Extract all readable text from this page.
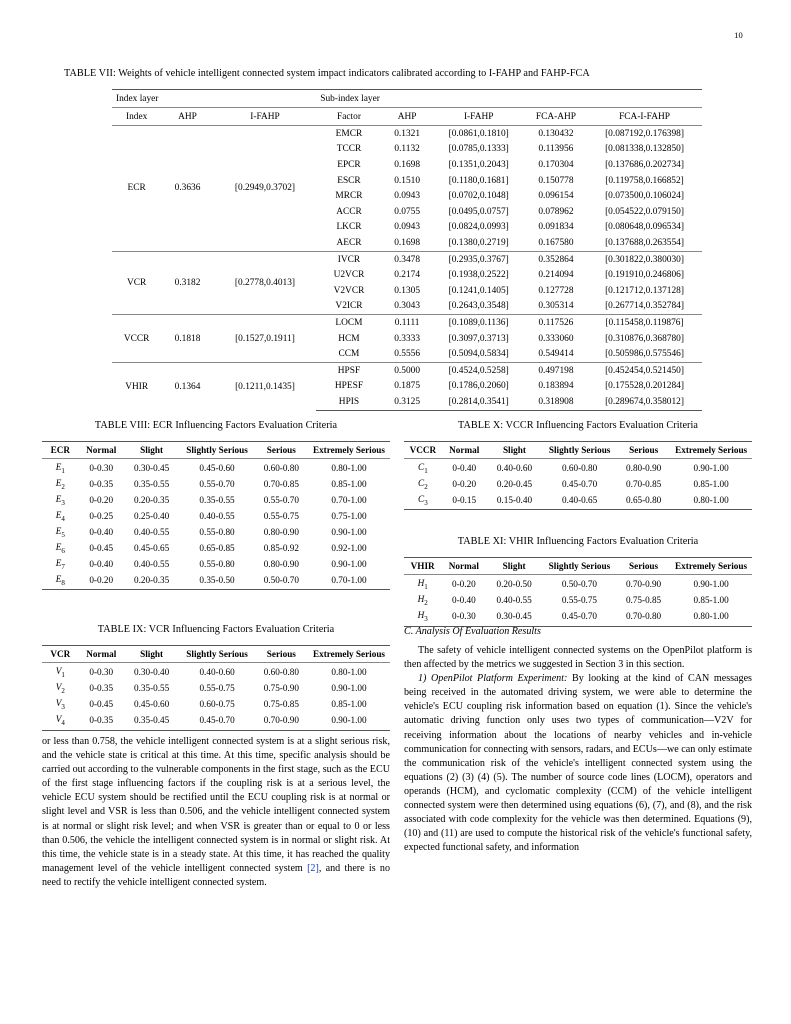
10
TABLE VII: Weights of vehicle intelligent connected system impact indicators calibrated according to I-FAHP and FAHP-FCA
Index layer			Sub-index layer				
Index	AHP	I-FAHP	Factor	AHP	I-FAHP	FCA-AHP	FCA-I-FAHP
ECR	0.3636	[0.2949,0.3702]	EMCR	0.1321	[0.0861,0.1810]	0.130432	[0.087192,0.176398]
			TCCR	0.1132	[0.0785,0.1333]	0.113956	[0.081338,0.132850]
			EPCR	0.1698	[0.1351,0.2043]	0.170304	[0.137686,0.202734]
			ESCR	0.1510	[0.1180,0.1681]	0.150778	[0.119758,0.166852]
			MRCR	0.0943	[0.0702,0.1048]	0.096154	[0.073500,0.106024]
			ACCR	0.0755	[0.0495,0.0757]	0.078962	[0.054522,0.079150]
			LKCR	0.0943	[0.0824,0.0993]	0.091834	[0.080648,0.096534]
			AECR	0.1698	[0.1380,0.2719]	0.167580	[0.137688,0.263554]
VCR	0.3182	[0.2778,0.4013]	IVCR	0.3478	[0.2935,0.3767]	0.352864	[0.301822,0.380030]
			U2VCR	0.2174	[0.1938,0.2522]	0.214094	[0.191910,0.246806]
			V2VCR	0.1305	[0.1241,0.1405]	0.127728	[0.121712,0.137128]
			V2ICR	0.3043	[0.2643,0.3548]	0.305314	[0.267714,0.352784]
VCCR	0.1818	[0.1527,0.1911]	LOCM	0.1111	[0.1089,0.1136]	0.117526	[0.115458,0.119876]
			HCM	0.3333	[0.3097,0.3713]	0.333060	[0.310876,0.368780]
			CCM	0.5556	[0.5094,0.5834]	0.549414	[0.505986,0.575546]
VHIR	0.1364	[0.1211,0.1435]	HPSF	0.5000	[0.4524,0.5258]	0.497198	[0.452454,0.521450]
			HPESF	0.1875	[0.1786,0.2060]	0.183894	[0.175528,0.201284]
			HPIS	0.3125	[0.2814,0.3541]	0.318908	[0.289674,0.358012]
TABLE VIII: ECR Influencing Factors Evaluation Criteria
ECR	Normal	Slight	Slightly Serious	Serious	Extremely Serious
$E_1$	0-0.30	0.30-0.45	0.45-0.60	0.60-0.80	0.80-1.00
$E_2$	0-0.35	0.35-0.55	0.55-0.70	0.70-0.85	0.85-1.00
$E_3$	0-0.20	0.20-0.35	0.35-0.55	0.55-0.70	0.70-1.00
$E_4$	0-0.25	0.25-0.40	0.40-0.55	0.55-0.75	0.75-1.00
$E_5$	0-0.40	0.40-0.55	0.55-0.80	0.80-0.90	0.90-1.00
$E_6$	0-0.45	0.45-0.65	0.65-0.85	0.85-0.92	0.92-1.00
$E_7$	0-0.40	0.40-0.55	0.55-0.80	0.80-0.90	0.90-1.00
$E_8$	0-0.20	0.20-0.35	0.35-0.50	0.50-0.70	0.70-1.00
TABLE IX: VCR Influencing Factors Evaluation Criteria
VCR	Normal	Slight	Slightly Serious	Serious	Extremely Serious
$V_1$	0-0.30	0.30-0.40	0.40-0.60	0.60-0.80	0.80-1.00
$V_2$	0-0.35	0.35-0.55	0.55-0.75	0.75-0.90	0.90-1.00
$V_3$	0-0.45	0.45-0.60	0.60-0.75	0.75-0.85	0.85-1.00
$V_4$	0-0.35	0.35-0.45	0.45-0.70	0.70-0.90	0.90-1.00
TABLE X: VCCR Influencing Factors Evaluation Criteria
VCCR	Normal	Slight	Slightly Serious	Serious	Extremely Serious
$C_1$	0-0.40	0.40-0.60	0.60-0.80	0.80-0.90	0.90-1.00
$C_2$	0-0.20	0.20-0.45	0.45-0.70	0.70-0.85	0.85-1.00
$C_3$	0-0.15	0.15-0.40	0.40-0.65	0.65-0.80	0.80-1.00
TABLE XI: VHIR Influencing Factors Evaluation Criteria
VHIR	Normal	Slight	Slightly Serious	Serious	Extremely Serious
$H_1$	0-0.20	0.20-0.50	0.50-0.70	0.70-0.90	0.90-1.00
$H_2$	0-0.40	0.40-0.55	0.55-0.75	0.75-0.85	0.85-1.00
$H_3$	0-0.30	0.30-0.45	0.45-0.70	0.70-0.80	0.80-1.00

or less than 0.758, the vehicle intelligent connected system is at a slight serious risk, and the vehicle state is critical at this time. At this time, specific analysis should be carried out according to the vulnerable components in the first stage, such as the ECU of the first stage influencing factors if the coupling risk is at a serious level, the vehicle ECU system should be rectified until the ECU coupling risk is at normal or slight level and VSR is less than 0.506, and the vehicle intelligent connected system is at normal or slight risk level; and when VSR is greater than or equal to 0 or less than 0.506, the vehicle the intelligent connected system is in normal or slight risk. At this time, the vehicle state is in a steady state. At this time, it has reached the quality management level of the vehicle intelligent connected system [2], and there is no need to rectify the vehicle intelligent connected system.

C. Analysis Of Evaluation Results

The safety of vehicle intelligent connected systems on the OpenPilot platform is then affected by the metrics we suggested in Section 3 in this section.

1) OpenPilot Platform Experiment: By looking at the kind of CAN messages being received in the automated driving system, we were able to determine the vehicle's ECU coupling risk information based on equation (1). Since the vehicle's automatic driving function only uses two types of communication—V2V for receiving information about the locations of nearby vehicles and in-vehicle communication for connecting with sensors, radars, and ECUs—we can only estimate the communication risk of the vehicle's intelligent connected system using the equations (2) (3) (4) (5). The number of source code lines (LOCM), operators and operands (HCM), and cyclomatic complexity (CCM) of the vehicle intelligent connected system were then determined using equations (6), (7), and (8), and the risk associated with code complexity for the vehicle was then determined. Equations (9), (10) and (11) are used to compute the historical risk of the vehicle's functional safety, expected functional safety, and information
